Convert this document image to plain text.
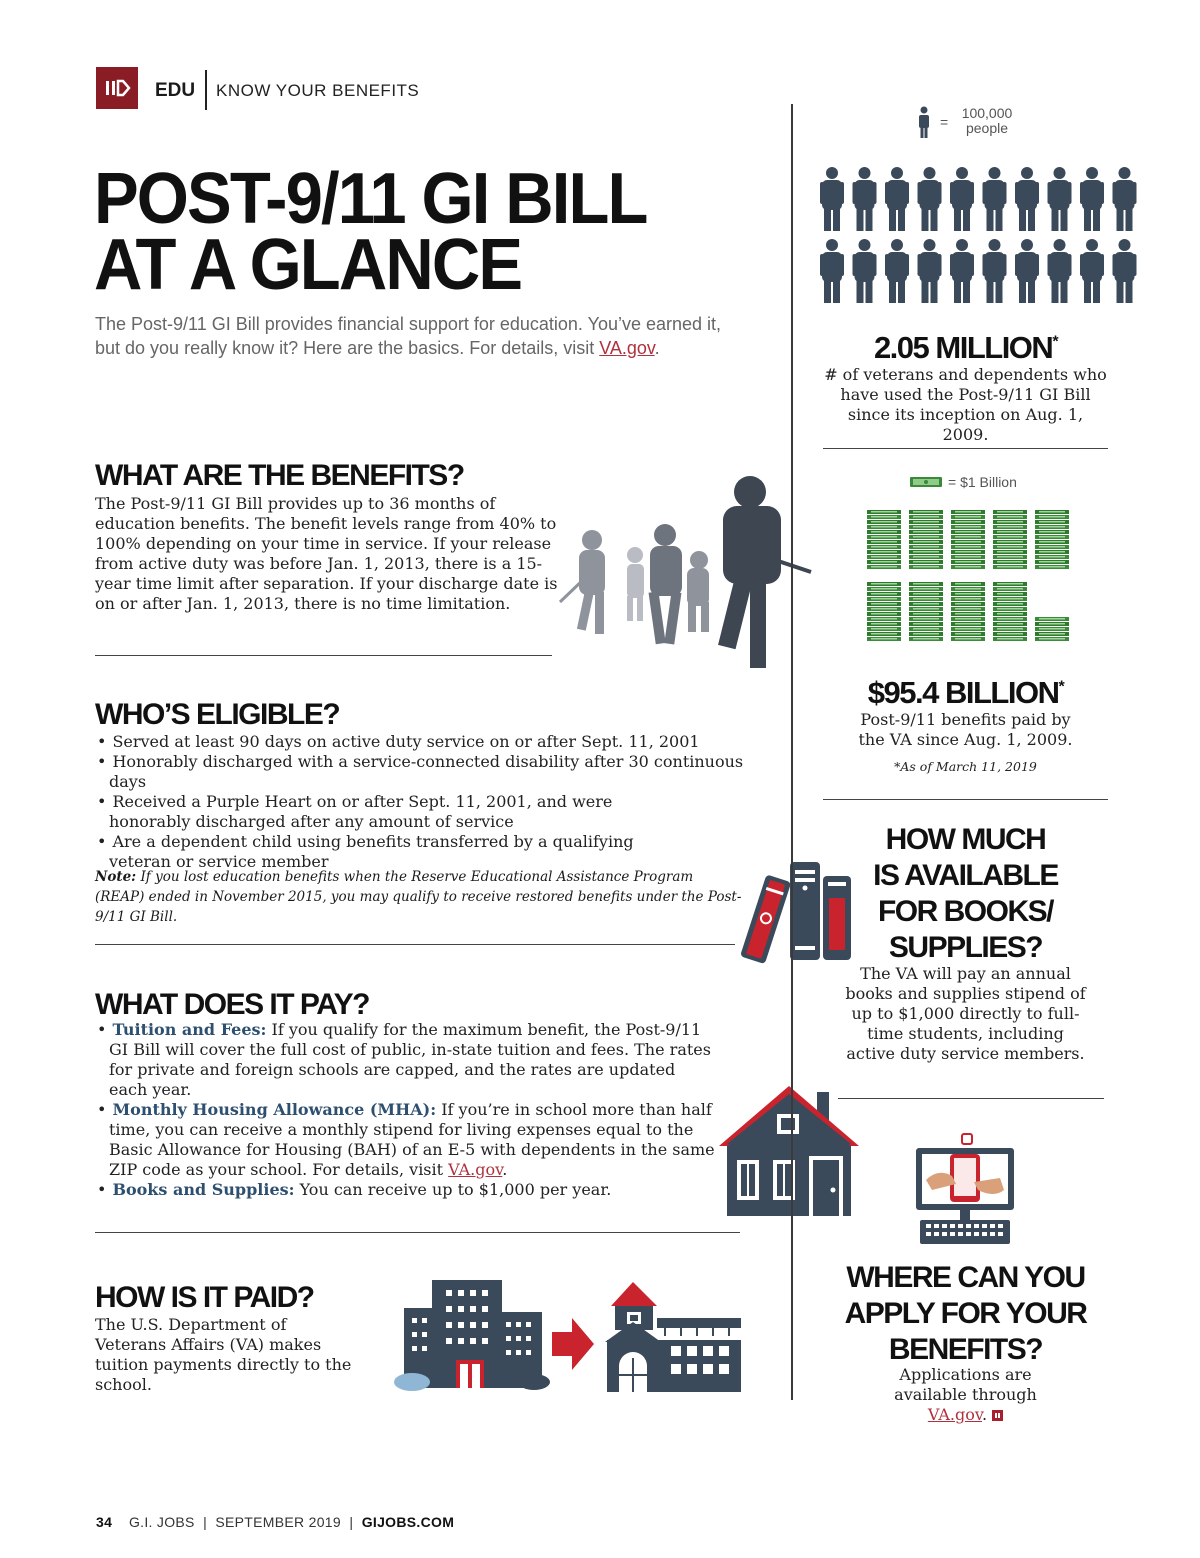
EDU KNOW YOUR BENEFITS
POST-9/11 GI BILL
AT A GLANCE
The Post-9/11 GI Bill provides financial support for education. You’ve earned it, but do you really know it? Here are the basics. For details, visit VA.gov.
WHAT ARE THE BENEFITS?
The Post-9/11 GI Bill provides up to 36 months of education benefits. The benefit levels range from 40% to 100% depending on your time in service. If your release from active duty was before Jan. 1, 2013, there is a 15-year time limit after separation. If your discharge date is on or after Jan. 1, 2013, there is no time limitation.
WHO’S ELIGIBLE?
• Served at least 90 days on active duty service on or after Sept. 11, 2001
• Honorably discharged with a service-connected disability after 30 continuous days
• Received a Purple Heart on or after Sept. 11, 2001, and were honorably discharged after any amount of service
• Are a dependent child using benefits transferred by a qualifying veteran or service member
Note: If you lost education benefits when the Reserve Educational Assistance Program (REAP) ended in November 2015, you may qualify to receive restored benefits under the Post-9/11 GI Bill.
WHAT DOES IT PAY?
• Tuition and Fees: If you qualify for the maximum benefit, the Post-9/11 GI Bill will cover the full cost of public, in-state tuition and fees. The rates for private and foreign schools are capped, and the rates are updated each year.
• Monthly Housing Allowance (MHA): If you’re in school more than half time, you can receive a monthly stipend for living expenses equal to the Basic Allowance for Housing (BAH) of an E-5 with dependents in the same ZIP code as your school. For details, visit VA.gov.
• Books and Supplies: You can receive up to $1,000 per year.
HOW IS IT PAID?
The U.S. Department of Veterans Affairs (VA) makes tuition payments directly to the school.
=
100,000
people
2.05 MILLION*
# of veterans and dependents who have used the Post-9/11 GI Bill since its inception on Aug. 1, 2009.
= $1 Billion
$95.4 BILLION*
Post-9/11 benefits paid by the VA since Aug. 1, 2009.
*As of March 11, 2019
HOW MUCH
IS AVAILABLE
FOR BOOKS/
SUPPLIES?
The VA will pay an annual books and supplies stipend of up to $1,000 directly to full-time students, including active duty service members.
WHERE CAN YOU
APPLY FOR YOUR
BENEFITS?
Applications are available through VA.gov.
34 G.I. JOBS | SEPTEMBER 2019 | GIJOBS.COM
